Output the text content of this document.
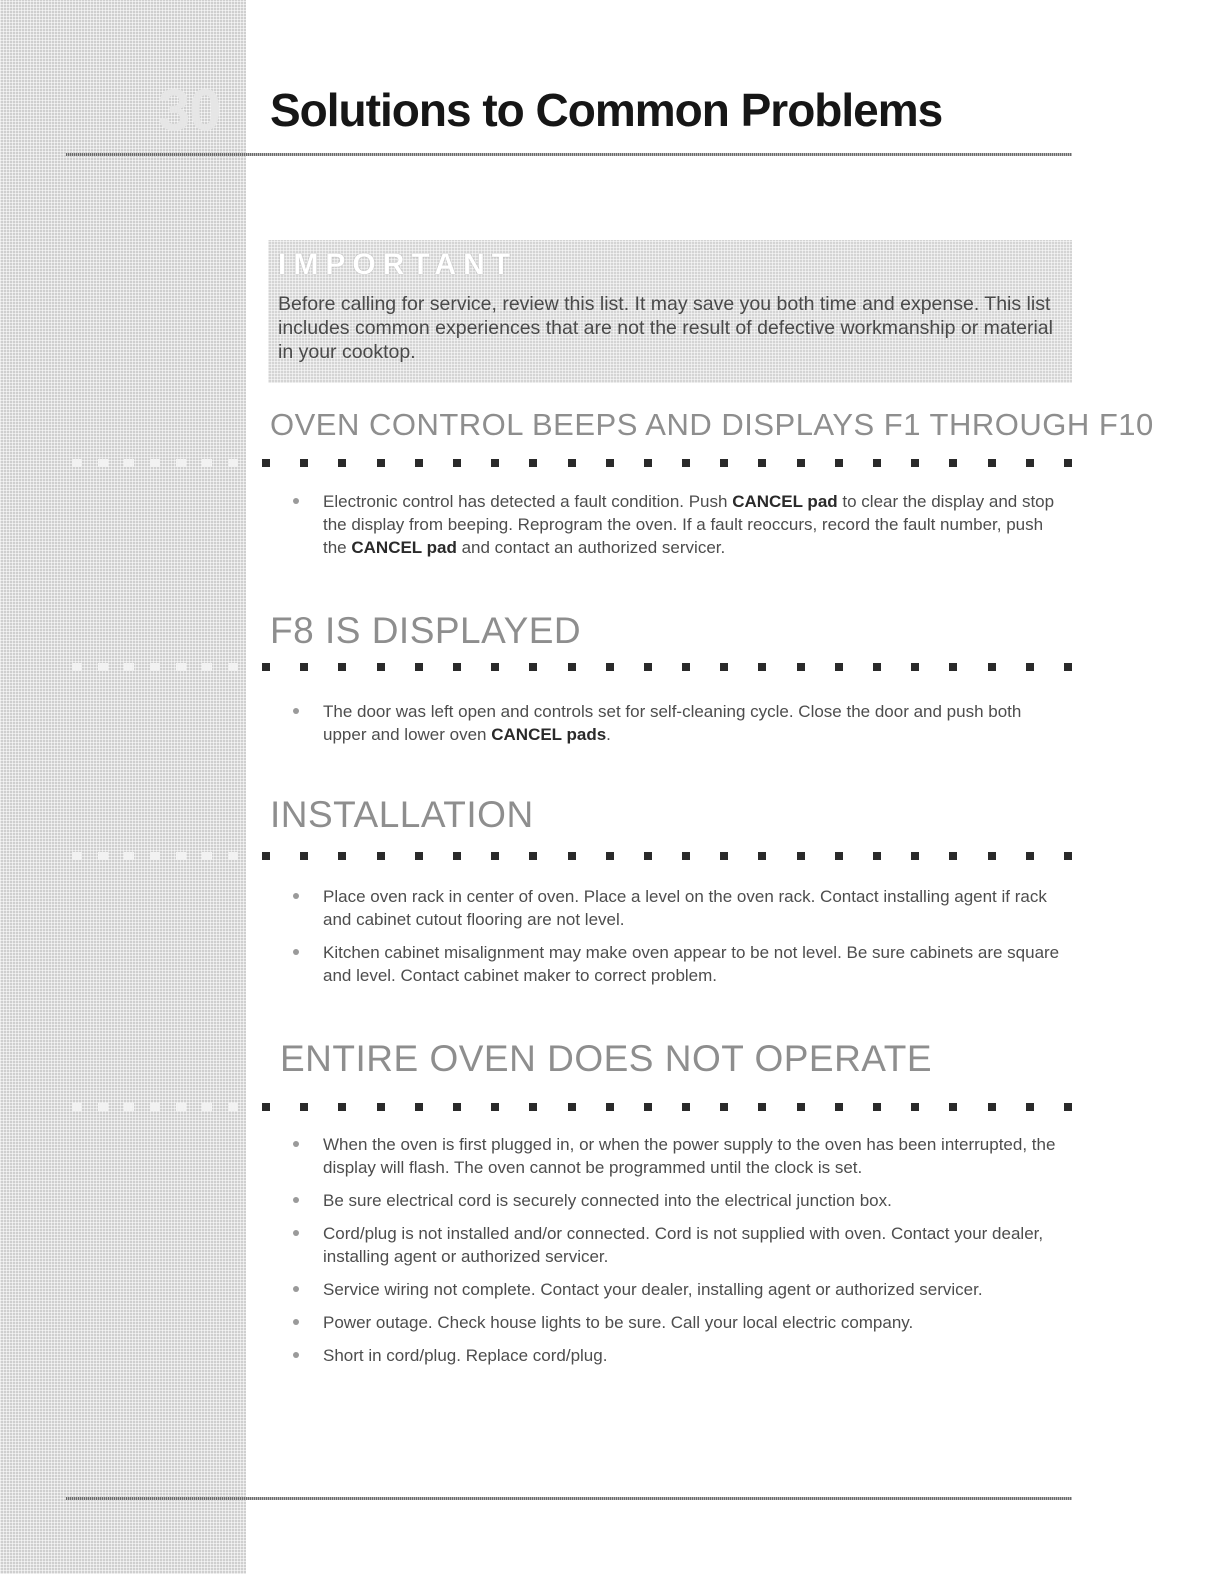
30	Solutions to Common Problems
IMPORTANT
Before calling for service, review this list. It may save you both time and expense. This list includes common experiences that are not the result of defective workmanship or material in your cooktop.
OVEN CONTROL BEEPS AND DISPLAYS F1 THROUGH F10
Electronic control has detected a fault condition. Push CANCEL pad to clear the display and stop the display from beeping. Reprogram the oven. If a fault reoccurs, record the fault number, push the CANCEL pad and contact an authorized servicer.
F8 IS DISPLAYED
The door was left open and controls set for self-cleaning cycle. Close the door and push both upper and lower oven CANCEL pads.
INSTALLATION
Place oven rack in center of oven. Place a level on the oven rack. Contact installing agent if rack and cabinet cutout flooring are not level.
Kitchen cabinet misalignment may make oven appear to be not level. Be sure cabinets are square and level. Contact cabinet maker to correct problem.
ENTIRE OVEN DOES NOT OPERATE
When the oven is first plugged in, or when the power supply to the oven has been interrupted, the display will flash. The oven cannot be programmed until the clock is set.
Be sure electrical cord is securely connected into the electrical junction box.
Cord/plug is not installed and/or connected. Cord is not supplied with oven. Contact your dealer, installing agent or authorized servicer.
Service wiring not complete. Contact your dealer, installing agent or authorized servicer.
Power outage. Check house lights to be sure. Call your local electric company.
Short in cord/plug. Replace cord/plug.
